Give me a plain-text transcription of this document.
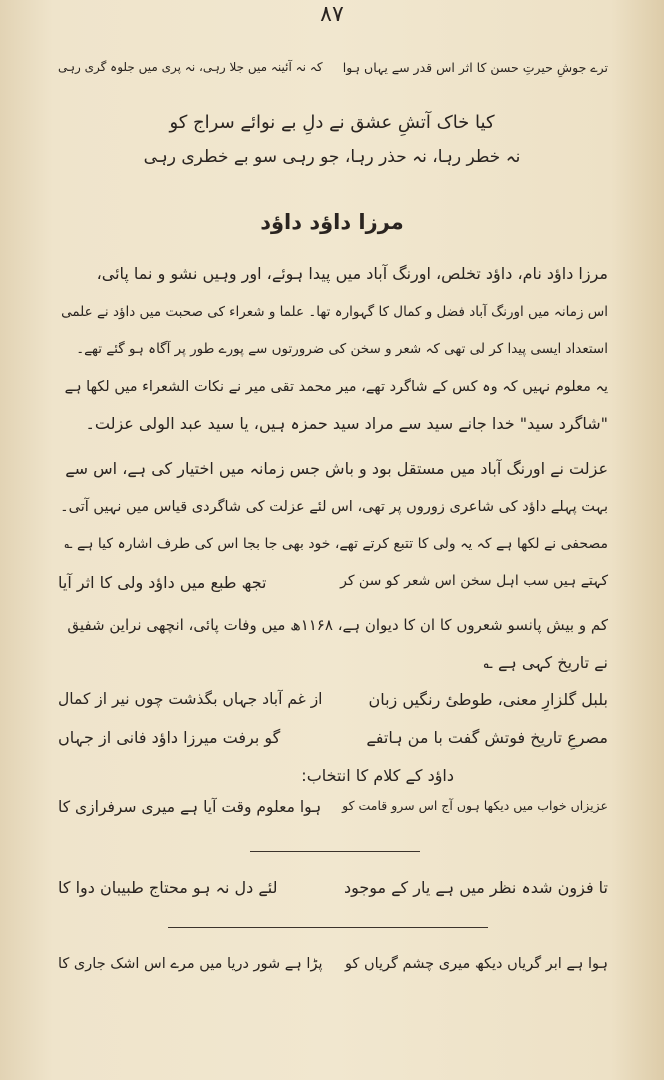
۸۷
ترے جوشِ حیرتِ حسن کا اثر اس قدر سے یہاں ہوا
کہ نہ آئینہ میں جلا رہی، نہ پری میں جلوہ گری رہی
کیا خاک آتشِ عشق نے دلِ بے نوائے سراج کو
نہ خطر رہا، نہ حذر رہا، جو رہی سو بے خطری رہی
مرزا داؤد داؤد
مرزا داؤد نام، داؤد تخلص، اورنگ آباد میں پیدا ہوئے، اور وہیں نشو و نما پائی،
اس زمانہ میں اورنگ آباد فضل و کمال کا گہوارہ تھا۔ علما و شعراء کی صحبت میں داؤد نے علمی
استعداد ایسی پیدا کر لی تھی کہ شعر و سخن کی ضرورتوں سے پورے طور پر آگاہ ہو گئے تھے۔
یہ معلوم نہیں کہ وہ کس کے شاگرد تھے، میر محمد تقی میر نے نکات الشعراء میں لکھا ہے
"شاگرد سید" خدا جانے سید سے مراد سید حمزہ ہیں، یا سید عبد الولی عزلت۔
عزلت نے اورنگ آباد میں مستقل بود و باش جس زمانہ میں اختیار کی ہے، اس سے
بہت پہلے داؤد کی شاعری زوروں پر تھی، اس لئے عزلت کی شاگردی قیاس میں نہیں آتی۔
مصحفی نے لکھا ہے کہ یہ ولی کا تتبع کرتے تھے، خود بھی جا بجا اس کی طرف اشارہ کیا ہے ؎
کہتے ہیں سب اہل سخن اس شعر کو سن کر
تجھ طبع میں داؤد ولی کا اثر آیا
کم و بیش پانسو شعروں کا ان کا دیوان ہے، ۱۱۶۸ھ میں وفات پائی، انچھی نراین شفیق
نے تاریخ کہی ہے ؎
بلبل گلزارِ معنی، طوطیٔ رنگیں زبان
از غم آباد جہاں بگذشت چوں نیر از کمال
مصرعِ تاریخ فوتش گفت با من ہاتفے
گو برفت میرزا داؤد فانی از جہاں
داؤد کے کلام کا انتخاب:
عزیزاں خواب میں دیکھا ہوں آج اس سرو قامت کو
ہوا معلوم وقت آیا ہے میری سرفرازی کا
تا فزون شدہ نظر میں ہے یار کے موجود
لئے دل نہ ہو محتاج طبیبان دوا کا
ہوا ہے ابر گریاں دیکھ میری چشم گریاں کو
پڑا ہے شور دریا میں مرے اس اشک جاری کا
